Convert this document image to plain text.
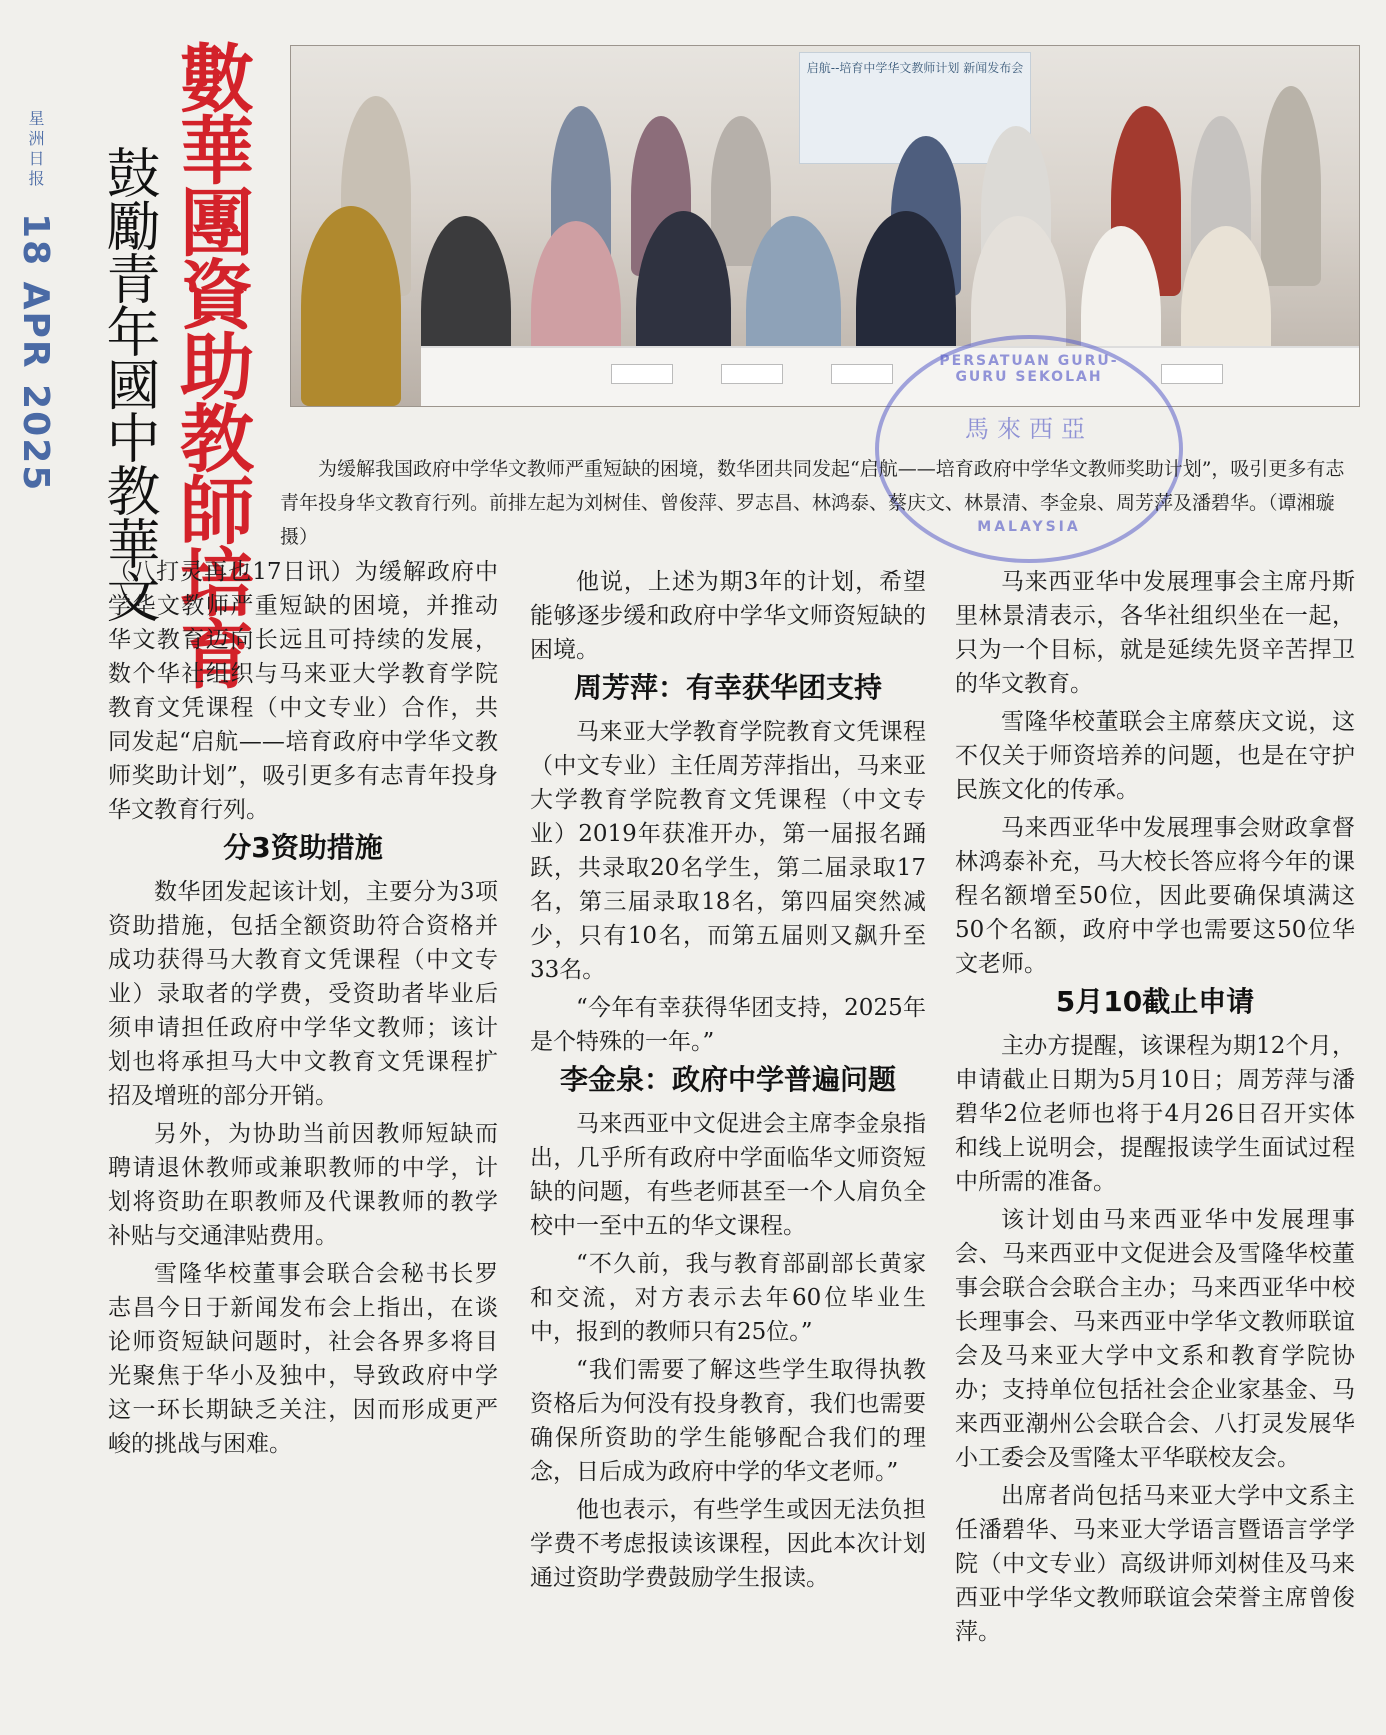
星洲日报 18 APR 2025 數華團資助教師培育
鼓勵青年國中教華文
启航--培育中学华文教师计划 新闻发布会
PERSATUAN GURU-GURU SEKOLAH
馬來西亞
MALAYSIA
为缓解我国政府中学华文教师严重短缺的困境，数华团共同发起“启航——培育政府中学华文教师奖助计划”，吸引更多有志青年投身华文教育行列。前排左起为刘树佳、曾俊萍、罗志昌、林鸿泰、蔡庆文、林景清、李金泉、周芳萍及潘碧华。（谭湘璇摄）

（八打灵再也17日讯）为缓解政府中学华文教师严重短缺的困境，并推动华文教育迈向长远且可持续的发展，数个华社组织与马来亚大学教育学院教育文凭课程（中文专业）合作，共同发起“启航——培育政府中学华文教师奖助计划”，吸引更多有志青年投身华文教育行列。

分3资助措施

数华团发起该计划，主要分为3项资助措施，包括全额资助符合资格并成功获得马大教育文凭课程（中文专业）录取者的学费，受资助者毕业后须申请担任政府中学华文教师；该计划也将承担马大中文教育文凭课程扩招及增班的部分开销。

另外，为协助当前因教师短缺而聘请退休教师或兼职教师的中学，计划将资助在职教师及代课教师的教学补贴与交通津贴费用。

雪隆华校董事会联合会秘书长罗志昌今日于新闻发布会上指出，在谈论师资短缺问题时，社会各界多将目光聚焦于华小及独中，导致政府中学这一环长期缺乏关注，因而形成更严峻的挑战与困难。

他说，上述为期3年的计划，希望能够逐步缓和政府中学华文师资短缺的困境。

周芳萍：有幸获华团支持

马来亚大学教育学院教育文凭课程（中文专业）主任周芳萍指出，马来亚大学教育学院教育文凭课程（中文专业）2019年获准开办，第一届报名踊跃，共录取20名学生，第二届录取17名，第三届录取18名，第四届突然减少，只有10名，而第五届则又飙升至33名。

“今年有幸获得华团支持，2025年是个特殊的一年。”

李金泉：政府中学普遍问题

马来西亚中文促进会主席李金泉指出，几乎所有政府中学面临华文师资短缺的问题，有些老师甚至一个人肩负全校中一至中五的华文课程。

“不久前，我与教育部副部长黄家和交流，对方表示去年60位毕业生中，报到的教师只有25位。”

“我们需要了解这些学生取得执教资格后为何没有投身教育，我们也需要确保所资助的学生能够配合我们的理念，日后成为政府中学的华文老师。”

他也表示，有些学生或因无法负担学费不考虑报读该课程，因此本次计划通过资助学费鼓励学生报读。

马来西亚华中发展理事会主席丹斯里林景清表示，各华社组织坐在一起，只为一个目标，就是延续先贤辛苦捍卫的华文教育。

雪隆华校董联会主席蔡庆文说，这不仅关于师资培养的问题，也是在守护民族文化的传承。

马来西亚华中发展理事会财政拿督林鸿泰补充，马大校长答应将今年的课程名额增至50位，因此要确保填满这50个名额，政府中学也需要这50位华文老师。

5月10截止申请

主办方提醒，该课程为期12个月，申请截止日期为5月10日；周芳萍与潘碧华2位老师也将于4月26日召开实体和线上说明会，提醒报读学生面试过程中所需的准备。

该计划由马来西亚华中发展理事会、马来西亚中文促进会及雪隆华校董事会联合会联合主办；马来西亚华中校长理事会、马来西亚中学华文教师联谊会及马来亚大学中文系和教育学院协办；支持单位包括社会企业家基金、马来西亚潮州公会联合会、八打灵发展华小工委会及雪隆太平华联校友会。

出席者尚包括马来亚大学中文系主任潘碧华、马来亚大学语言暨语言学学院（中文专业）高级讲师刘树佳及马来西亚中学华文教师联谊会荣誉主席曾俊萍。
